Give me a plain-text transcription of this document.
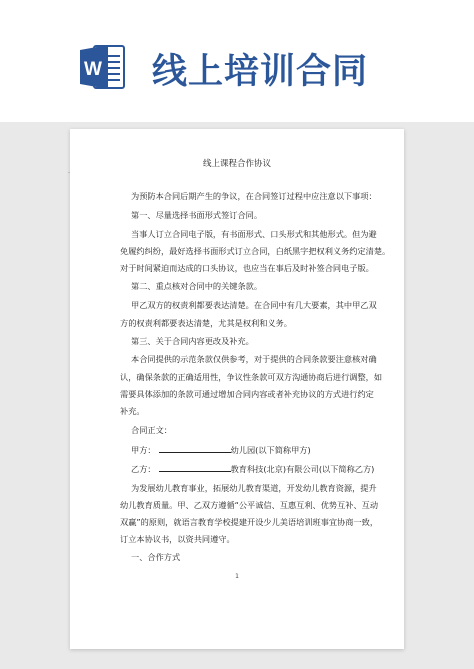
W 线上培训合同
线上课程合作协议
为预防本合同后期产生的争议，在合同签订过程中应注意以下事项：
第一、尽量选择书面形式签订合同。
当事人订立合同电子版，有书面形式、口头形式和其他形式。但为避
免履约纠纷，最好选择书面形式订立合同，白纸黑字把权利义务约定清楚。
对于时间紧迫而达成的口头协议，也应当在事后及时补签合同电子版。
第二、重点核对合同中的关键条款。
甲乙双方的权责利都要表达清楚。在合同中有几大要素，其中甲乙双
方的权责利都要表达清楚，尤其是权利和义务。
第三、关于合同内容更改及补充。
本合同提供的示范条款仅供参考，对于提供的合同条款要注意核对确
认，确保条款的正确适用性，争议性条款可双方沟通协商后进行调整，如
需要具体添加的条款可通过增加合同内容或者补充协议的方式进行约定
补充。
合同正文：
甲方：	幼儿园(以下简称甲方)
乙方：	教育科技(北京)有限公司(以下简称乙方)
为发展幼儿教育事业，拓展幼儿教育渠道，开发幼儿教育资源，提升
幼儿教育质量。甲、乙双方遵循“公平诚信、互惠互利、优势互补、互动
双赢”的原则，就语言教育学校提建开设少儿美语培训班事宜协商一致，
订立本协议书，以资共同遵守。
一、合作方式
1
